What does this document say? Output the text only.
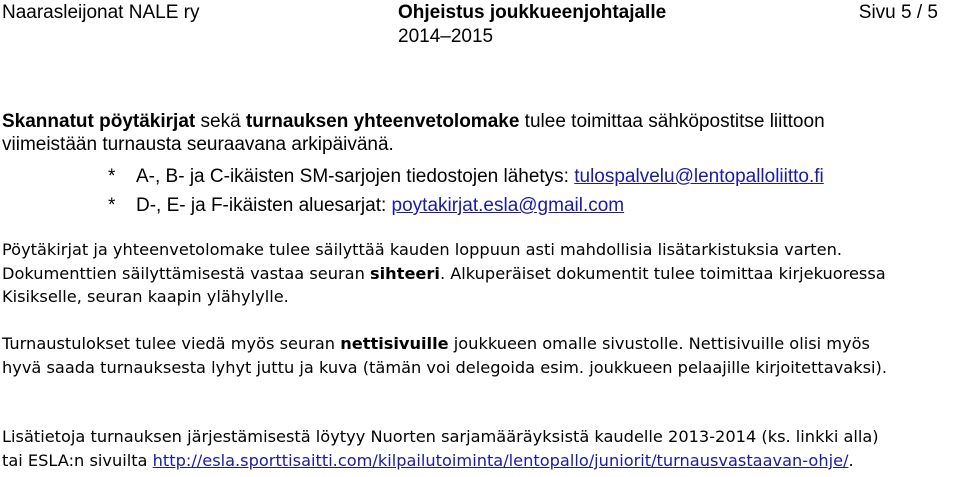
Naarasleijonat NALE ry	Ohjeistus joukkueenjohtajalle
2014–2015
Sivu 5 / 5
Skannatut pöytäkirjat sekä turnauksen yhteenvetolomake tulee toimittaa sähköpostitse liittoon
viimeistään turnausta seuraavana arkipäivänä.
* A-, B- ja C-ikäisten SM-sarjojen tiedostojen lähetys: tulospalvelu@lentopalloliitto.fi
* D-, E- ja F-ikäisten aluesarjat: poytakirjat.esla@gmail.com
Pöytäkirjat ja yhteenvetolomake tulee säilyttää kauden loppuun asti mahdollisia lisätarkistuksia varten.
Dokumenttien säilyttämisestä vastaa seuran sihteeri. Alkuperäiset dokumentit tulee toimittaa kirjekuoressa
Kisikselle, seuran kaapin ylähylylle.
Turnaustulokset tulee viedä myös seuran nettisivuille joukkueen omalle sivustolle. Nettisivuille olisi myös
hyvä saada turnauksesta lyhyt juttu ja kuva (tämän voi delegoida esim. joukkueen pelaajille kirjoitettavaksi).
Lisätietoja turnauksen järjestämisestä löytyy Nuorten sarjamääräyksistä kaudelle 2013-2014 (ks. linkki alla)
tai ESLA:n sivuilta http://esla.sporttisaitti.com/kilpailutoiminta/lentopallo/juniorit/turnausvastaavan-ohje/.
